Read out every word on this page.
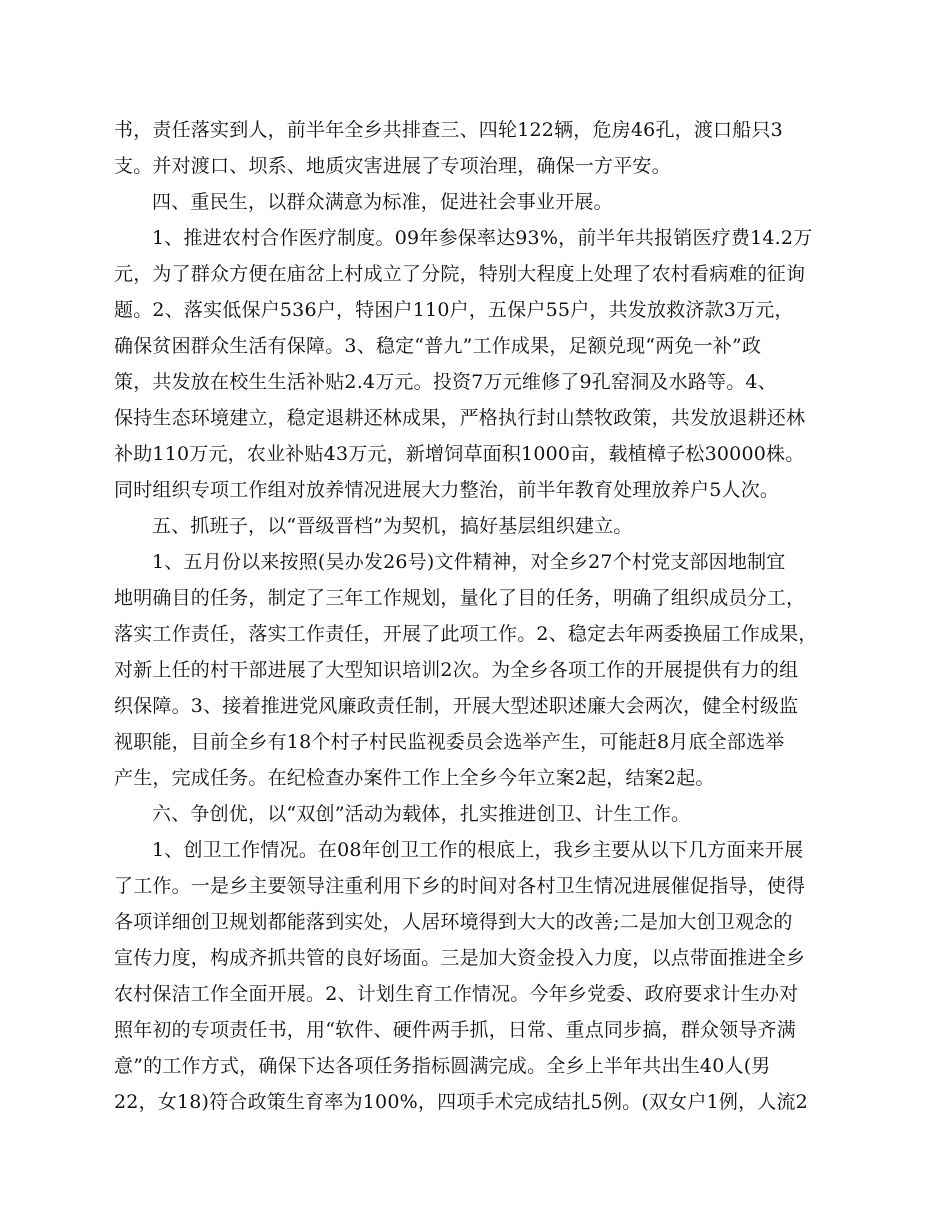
书，责任落实到人，前半年全乡共排查三、四轮122辆，危房46孔，渡口船只3
支。并对渡口、坝系、地质灾害进展了专项治理，确保一方平安。
四、重民生，以群众满意为标准，促进社会事业开展。
1、推进农村合作医疗制度。09年参保率达93%，前半年共报销医疗费14.2万
元，为了群众方便在庙岔上村成立了分院，特别大程度上处理了农村看病难的征询
题。2、落实低保户536户，特困户110户，五保户55户，共发放救济款3万元，
确保贫困群众生活有保障。3、稳定“普九”工作成果，足额兑现“两免一补”政
策，共发放在校生生活补贴2.4万元。投资7万元维修了9孔窑洞及水路等。4、
保持生态环境建立，稳定退耕还林成果，严格执行封山禁牧政策，共发放退耕还林
补助110万元，农业补贴43万元，新增饲草面积1000亩，载植樟子松30000株。
同时组织专项工作组对放养情况进展大力整治，前半年教育处理放养户5人次。
五、抓班子，以“晋级晋档”为契机，搞好基层组织建立。
1、五月份以来按照(吴办发26号)文件精神，对全乡27个村党支部因地制宜
地明确目的任务，制定了三年工作规划，量化了目的任务，明确了组织成员分工，
落实工作责任，落实工作责任，开展了此项工作。2、稳定去年两委换届工作成果，
对新上任的村干部进展了大型知识培训2次。为全乡各项工作的开展提供有力的组
织保障。3、接着推进党风廉政责任制，开展大型述职述廉大会两次，健全村级监
视职能，目前全乡有18个村子村民监视委员会选举产生，可能赶8月底全部选举
产生，完成任务。在纪检查办案件工作上全乡今年立案2起，结案2起。
六、争创优，以“双创”活动为载体，扎实推进创卫、计生工作。
1、创卫工作情况。在08年创卫工作的根底上，我乡主要从以下几方面来开展
了工作。一是乡主要领导注重利用下乡的时间对各村卫生情况进展催促指导，使得
各项详细创卫规划都能落到实处，人居环境得到大大的改善;二是加大创卫观念的
宣传力度，构成齐抓共管的良好场面。三是加大资金投入力度，以点带面推进全乡
农村保洁工作全面开展。2、计划生育工作情况。今年乡党委、政府要求计生办对
照年初的专项责任书，用“软件、硬件两手抓，日常、重点同步搞，群众领导齐满
意”的工作方式，确保下达各项任务指标圆满完成。全乡上半年共出生40人(男
22，女18)符合政策生育率为100%，四项手术完成结扎5例。(双女户1例，人流2
